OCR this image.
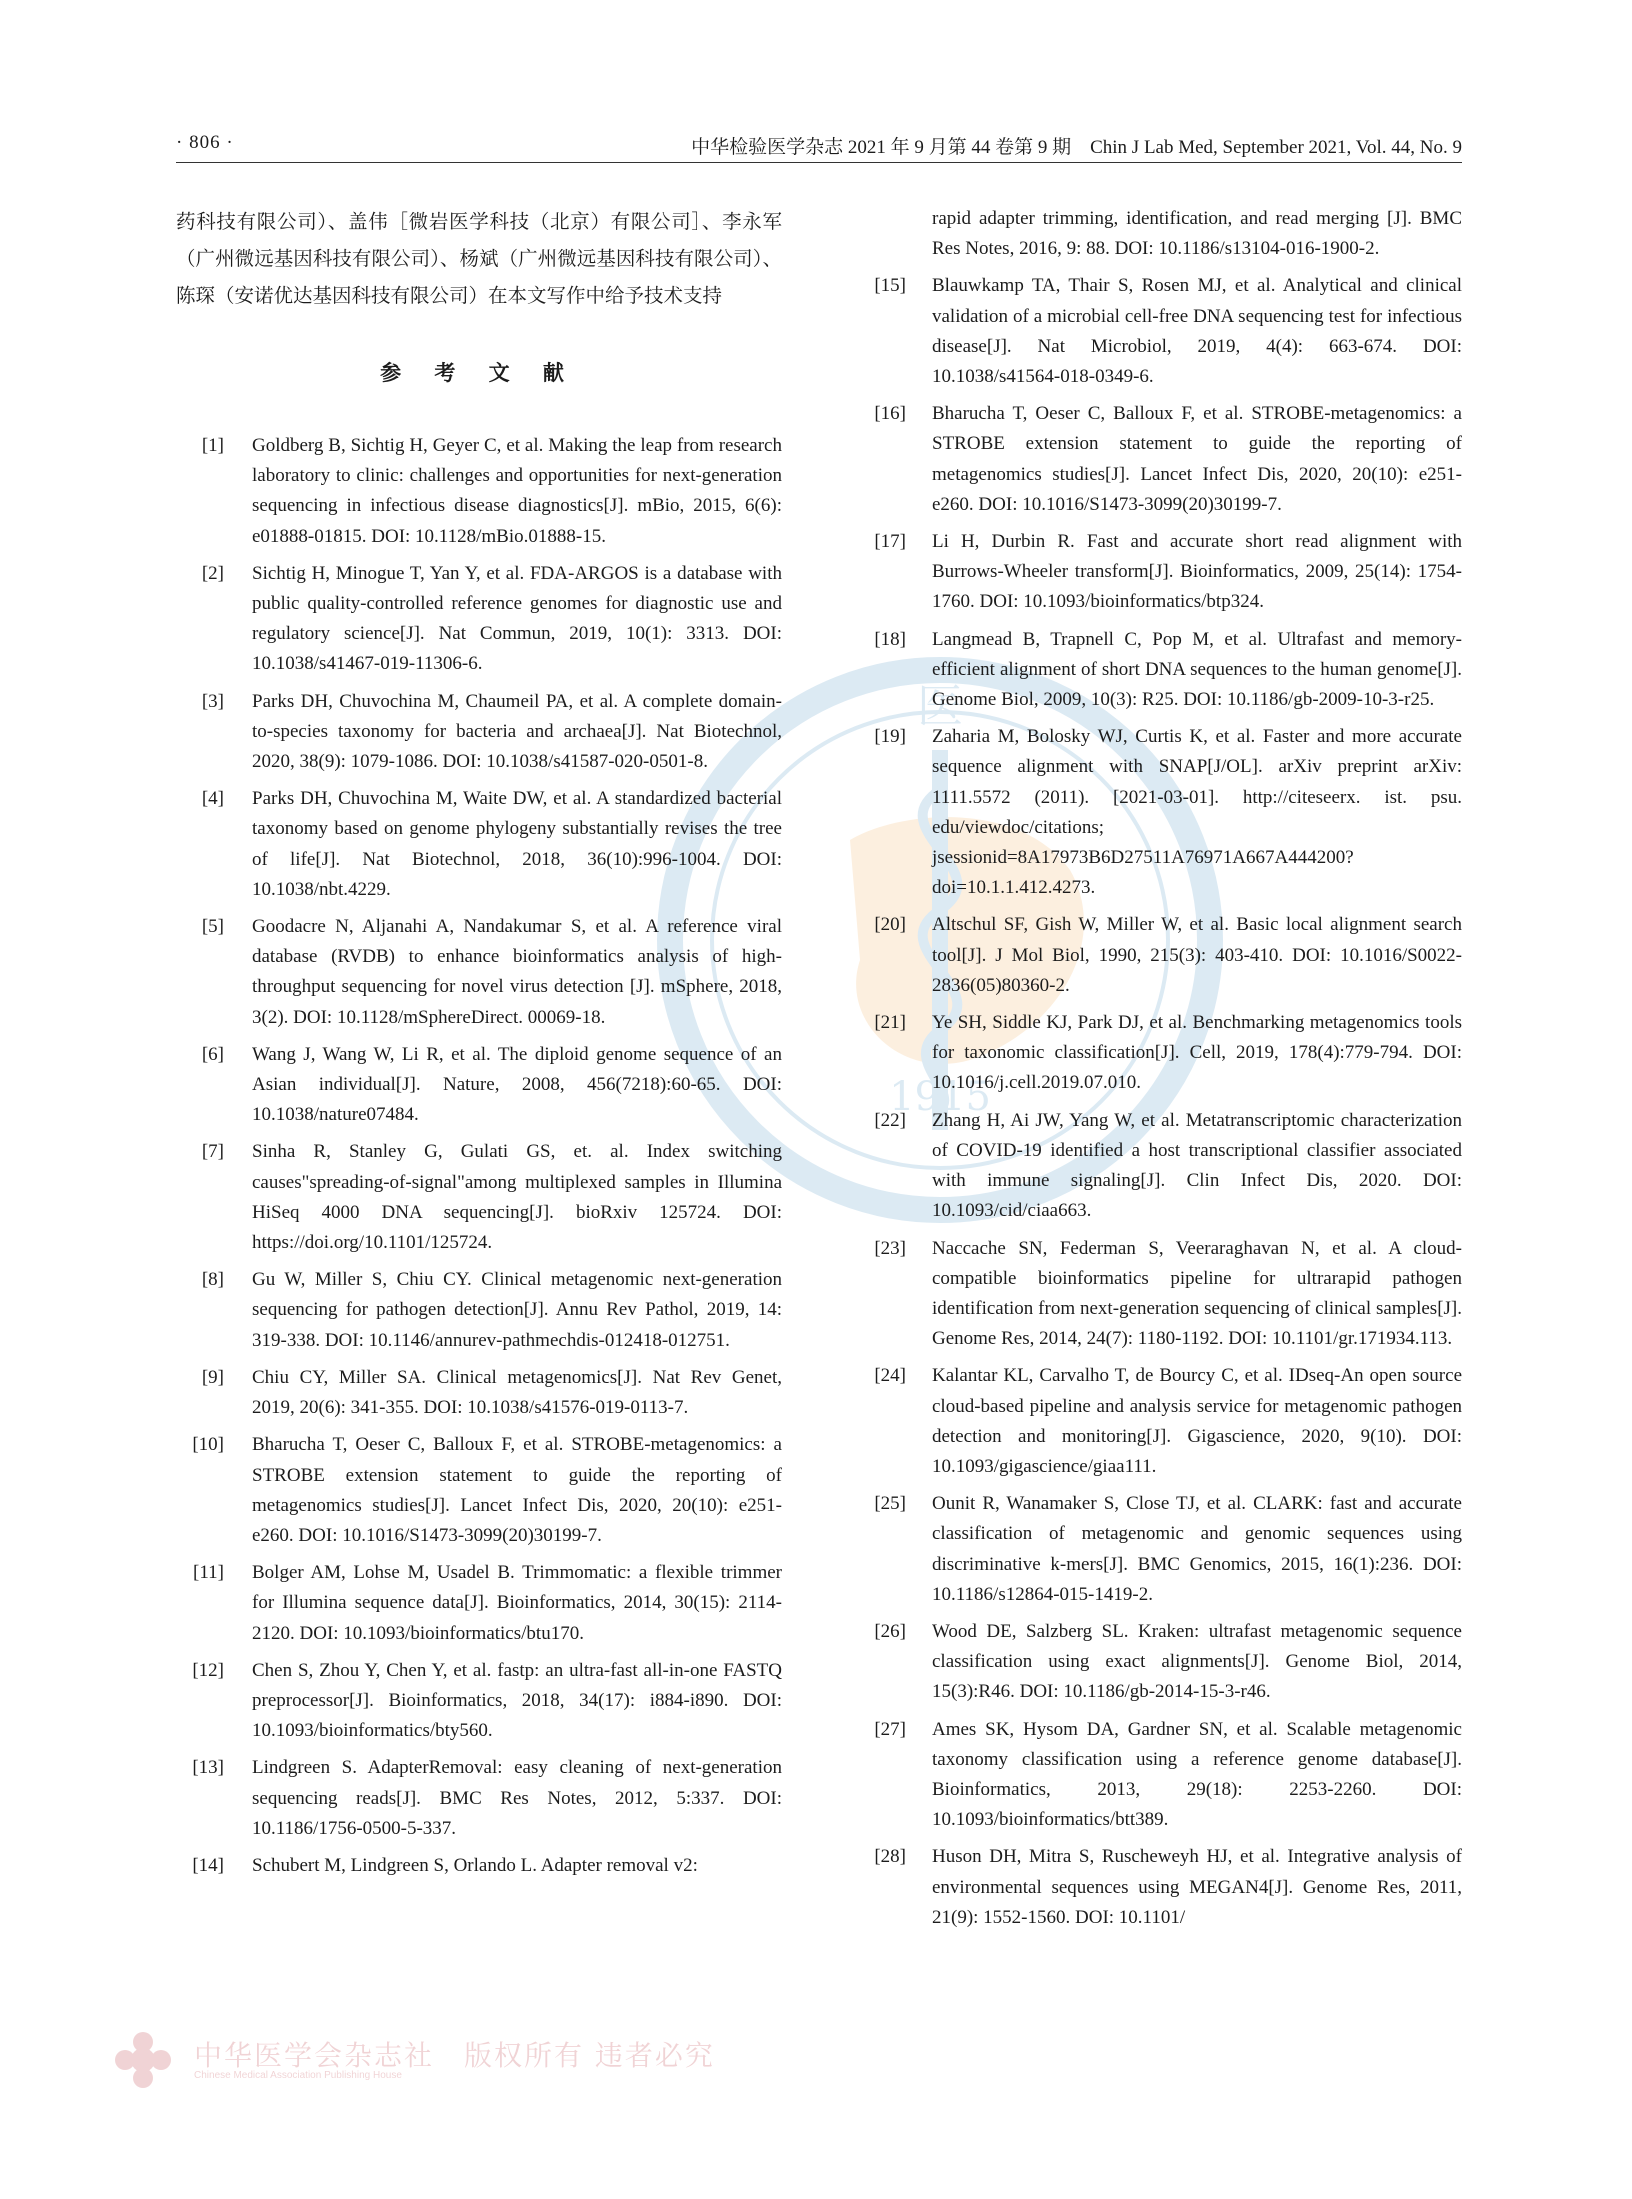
医
1915
· 806 ·	中华检验医学杂志 2021 年 9 月第 44 卷第 9 期　Chin J Lab Med, September 2021, Vol. 44, No. 9

药科技有限公司）、盖伟［微岩医学科技（北京）有限公司］、李永军（广州微远基因科技有限公司）、杨斌（广州微远基因科技有限公司）、陈琛（安诺优达基因科技有限公司）在本文写作中给予技术支持

参 考 文 献
[1] Goldberg B, Sichtig H, Geyer C, et al. Making the leap from research laboratory to clinic: challenges and opportunities for next-generation sequencing in infectious disease diagnostics[J]. mBio, 2015, 6(6): e01888-01815. DOI: 10.1128/mBio.01888-15.
[2] Sichtig H, Minogue T, Yan Y, et al. FDA-ARGOS is a database with public quality-controlled reference genomes for diagnostic use and regulatory science[J]. Nat Commun, 2019, 10(1): 3313. DOI: 10.1038/s41467-019-11306-6.
[3] Parks DH, Chuvochina M, Chaumeil PA, et al. A complete domain-to-species taxonomy for bacteria and archaea[J]. Nat Biotechnol, 2020, 38(9): 1079-1086. DOI: 10.1038/s41587-020-0501-8.
[4] Parks DH, Chuvochina M, Waite DW, et al. A standardized bacterial taxonomy based on genome phylogeny substantially revises the tree of life[J]. Nat Biotechnol, 2018, 36(10):996-1004. DOI: 10.1038/nbt.4229.
[5] Goodacre N, Aljanahi A, Nandakumar S, et al. A reference viral database (RVDB) to enhance bioinformatics analysis of high-throughput sequencing for novel virus detection [J]. mSphere, 2018, 3(2). DOI: 10.1128/mSphereDirect. 00069-18.
[6] Wang J, Wang W, Li R, et al. The diploid genome sequence of an Asian individual[J]. Nature, 2008, 456(7218):60-65. DOI: 10.1038/nature07484.
[7] Sinha R, Stanley G, Gulati GS, et. al. Index switching causes"spreading-of-signal"among multiplexed samples in Illumina HiSeq 4000 DNA sequencing[J]. bioRxiv 125724. DOI: https://doi.org/10.1101/125724.
[8] Gu W, Miller S, Chiu CY. Clinical metagenomic next-generation sequencing for pathogen detection[J]. Annu Rev Pathol, 2019, 14: 319-338. DOI: 10.1146/annurev-pathmechdis-012418-012751.
[9] Chiu CY, Miller SA. Clinical metagenomics[J]. Nat Rev Genet, 2019, 20(6): 341-355. DOI: 10.1038/s41576-019-0113-7.
[10] Bharucha T, Oeser C, Balloux F, et al. STROBE-metagenomics: a STROBE extension statement to guide the reporting of metagenomics studies[J]. Lancet Infect Dis, 2020, 20(10): e251-e260. DOI: 10.1016/S1473-3099(20)30199-7.
[11] Bolger AM, Lohse M, Usadel B. Trimmomatic: a flexible trimmer for Illumina sequence data[J]. Bioinformatics, 2014, 30(15): 2114-2120. DOI: 10.1093/bioinformatics/btu170.
[12] Chen S, Zhou Y, Chen Y, et al. fastp: an ultra-fast all-in-one FASTQ preprocessor[J]. Bioinformatics, 2018, 34(17): i884-i890. DOI: 10.1093/bioinformatics/bty560.
[13] Lindgreen S. AdapterRemoval: easy cleaning of next-generation sequencing reads[J]. BMC Res Notes, 2012, 5:337. DOI: 10.1186/1756-0500-5-337.
[14] Schubert M, Lindgreen S, Orlando L. Adapter removal v2:
rapid adapter trimming, identification, and read merging [J]. BMC Res Notes, 2016, 9: 88. DOI: 10.1186/s13104-016-1900-2.
[15] Blauwkamp TA, Thair S, Rosen MJ, et al. Analytical and clinical validation of a microbial cell-free DNA sequencing test for infectious disease[J]. Nat Microbiol, 2019, 4(4): 663-674. DOI: 10.1038/s41564-018-0349-6.
[16] Bharucha T, Oeser C, Balloux F, et al. STROBE-metagenomics: a STROBE extension statement to guide the reporting of metagenomics studies[J]. Lancet Infect Dis, 2020, 20(10): e251-e260. DOI: 10.1016/S1473-3099(20)30199-7.
[17] Li H, Durbin R. Fast and accurate short read alignment with Burrows-Wheeler transform[J]. Bioinformatics, 2009, 25(14): 1754-1760. DOI: 10.1093/bioinformatics/btp324.
[18] Langmead B, Trapnell C, Pop M, et al. Ultrafast and memory-efficient alignment of short DNA sequences to the human genome[J]. Genome Biol, 2009, 10(3): R25. DOI: 10.1186/gb-2009-10-3-r25.
[19] Zaharia M, Bolosky WJ, Curtis K, et al. Faster and more accurate sequence alignment with SNAP[J/OL]. arXiv preprint arXiv: 1111.5572 (2011). [2021-03-01]. http://citeseerx. ist. psu. edu/viewdoc/citations; jsessionid=8A17973B6D27511A76971A667A444200? doi=10.1.1.412.4273.
[20] Altschul SF, Gish W, Miller W, et al. Basic local alignment search tool[J]. J Mol Biol, 1990, 215(3): 403-410. DOI: 10.1016/S0022-2836(05)80360-2.
[21] Ye SH, Siddle KJ, Park DJ, et al. Benchmarking metagenomics tools for taxonomic classification[J]. Cell, 2019, 178(4):779-794. DOI: 10.1016/j.cell.2019.07.010.
[22] Zhang H, Ai JW, Yang W, et al. Metatranscriptomic characterization of COVID-19 identified a host transcriptional classifier associated with immune signaling[J]. Clin Infect Dis, 2020. DOI: 10.1093/cid/ciaa663.
[23] Naccache SN, Federman S, Veeraraghavan N, et al. A cloud-compatible bioinformatics pipeline for ultrarapid pathogen identification from next-generation sequencing of clinical samples[J]. Genome Res, 2014, 24(7): 1180-1192. DOI: 10.1101/gr.171934.113.
[24] Kalantar KL, Carvalho T, de Bourcy C, et al. IDseq-An open source cloud-based pipeline and analysis service for metagenomic pathogen detection and monitoring[J]. Gigascience, 2020, 9(10). DOI: 10.1093/gigascience/giaa111.
[25] Ounit R, Wanamaker S, Close TJ, et al. CLARK: fast and accurate classification of metagenomic and genomic sequences using discriminative k-mers[J]. BMC Genomics, 2015, 16(1):236. DOI: 10.1186/s12864-015-1419-2.
[26] Wood DE, Salzberg SL. Kraken: ultrafast metagenomic sequence classification using exact alignments[J]. Genome Biol, 2014, 15(3):R46. DOI: 10.1186/gb-2014-15-3-r46.
[27] Ames SK, Hysom DA, Gardner SN, et al. Scalable metagenomic taxonomy classification using a reference genome database[J]. Bioinformatics, 2013, 29(18): 2253-2260. DOI: 10.1093/bioinformatics/btt389.
[28] Huson DH, Mitra S, Ruscheweyh HJ, et al. Integrative analysis of environmental sequences using MEGAN4[J]. Genome Res, 2011, 21(9): 1552-1560. DOI: 10.1101/
中华医学会杂志社　 版权所有 违者必究
Chinese Medical Association Publishing House
